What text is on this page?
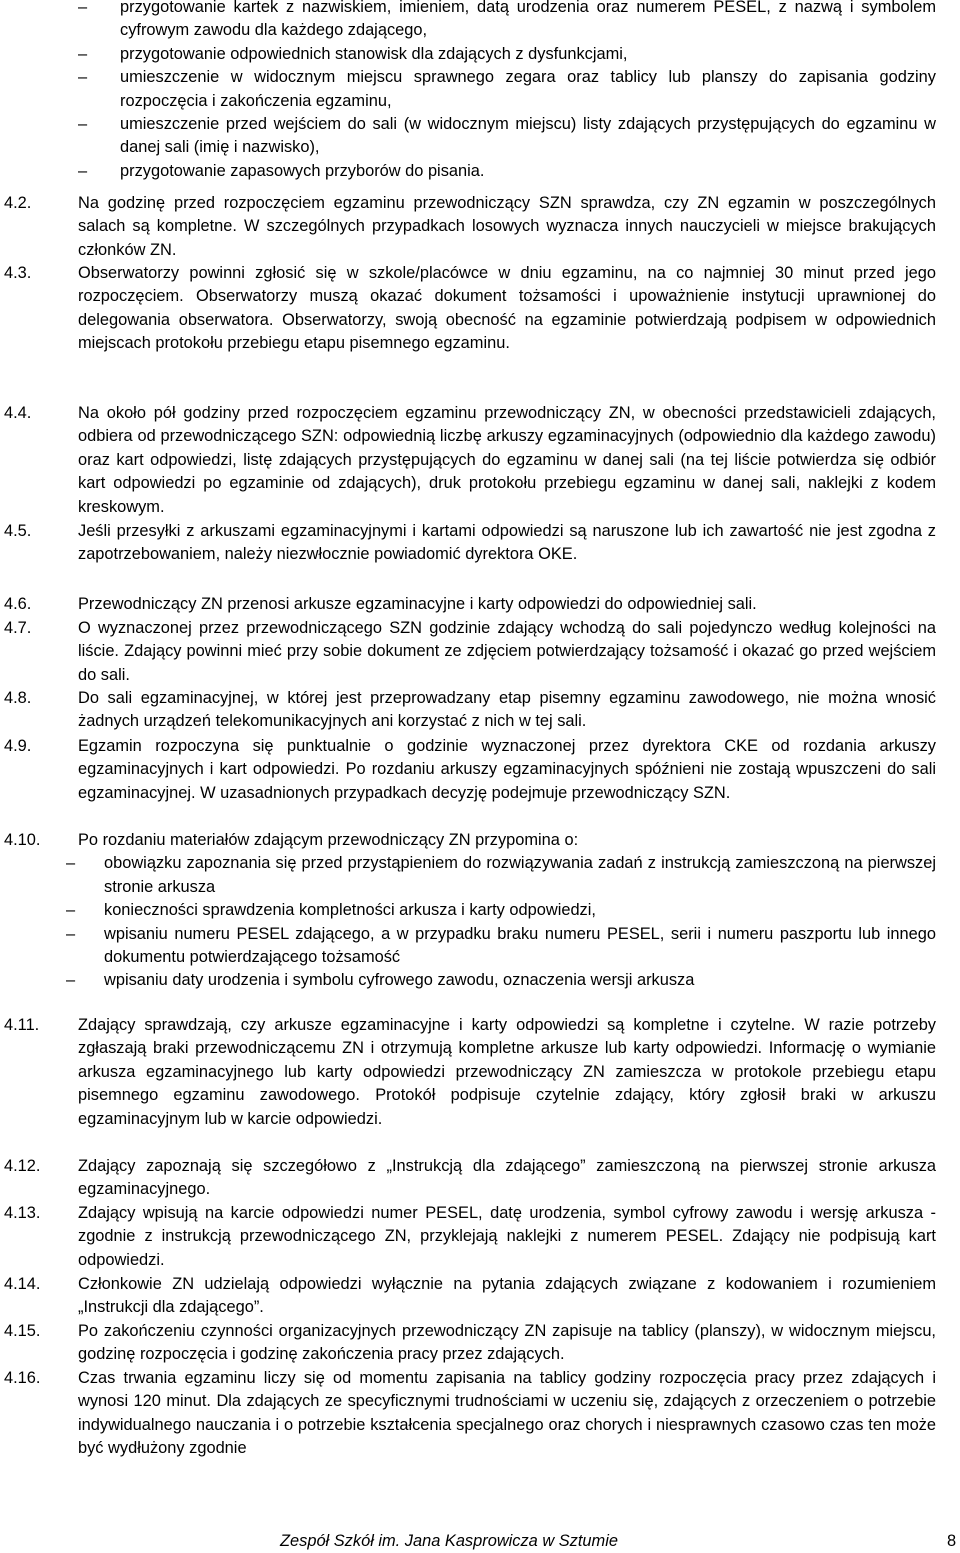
–	przygotowanie kartek z nazwiskiem, imieniem, datą urodzenia oraz numerem PESEL, z nazwą i symbolem cyfrowym zawodu dla każdego zdającego,
–	przygotowanie odpowiednich stanowisk dla zdających z dysfunkcjami,
–	umieszczenie w widocznym miejscu sprawnego zegara oraz tablicy lub planszy do zapisania godziny rozpoczęcia i zakończenia egzaminu,
–	umieszczenie przed wejściem do sali (w widocznym miejscu) listy zdających przystępujących do egzaminu w danej sali (imię i nazwisko),
–	przygotowanie zapasowych przyborów do pisania.
4.2.	Na godzinę przed rozpoczęciem egzaminu przewodniczący SZN sprawdza, czy ZN egzamin w poszczególnych salach są kompletne. W szczególnych przypadkach losowych wyznacza innych nauczycieli w miejsce brakujących członków ZN.
4.3.	Obserwatorzy powinni zgłosić się w szkole/placówce w dniu egzaminu, na co najmniej 30 minut przed jego rozpoczęciem. Obserwatorzy muszą okazać dokument tożsamości i upoważnienie instytucji uprawnionej do delegowania obserwatora. Obserwatorzy, swoją obecność na egzaminie potwierdzają podpisem w odpowiednich miejscach protokołu przebiegu etapu pisemnego egzaminu.
4.4.	Na około pół godziny przed rozpoczęciem egzaminu przewodniczący ZN, w obecności przedstawicieli zdających, odbiera od przewodniczącego SZN: odpowiednią liczbę arkuszy egzaminacyjnych (odpowiednio dla każdego zawodu) oraz kart odpowiedzi, listę zdających przystępujących do egzaminu w danej sali (na tej liście potwierdza się odbiór kart odpowiedzi po egzaminie od zdających), druk protokołu przebiegu egzaminu w danej sali, naklejki z kodem kreskowym.
4.5.	Jeśli przesyłki z arkuszami egzaminacyjnymi i kartami odpowiedzi są naruszone lub ich zawartość nie jest zgodna z zapotrzebowaniem, należy niezwłocznie powiadomić dyrektora OKE.
4.6.	Przewodniczący ZN przenosi arkusze egzaminacyjne i karty odpowiedzi do odpowiedniej sali.
4.7.	O wyznaczonej przez przewodniczącego SZN godzinie zdający wchodzą do sali pojedynczo według kolejności na liście. Zdający powinni mieć przy sobie dokument ze zdjęciem potwierdzający tożsamość i okazać go przed wejściem do sali.
4.8.	Do sali egzaminacyjnej, w której jest przeprowadzany etap pisemny egzaminu zawodowego, nie można wnosić żadnych urządzeń telekomunikacyjnych ani korzystać z nich w tej sali.
4.9.	Egzamin rozpoczyna się punktualnie o godzinie wyznaczonej przez dyrektora CKE od rozdania arkuszy egzaminacyjnych i kart odpowiedzi. Po rozdaniu arkuszy egzaminacyjnych spóźnieni nie zostają wpuszczeni do sali egzaminacyjnej. W uzasadnionych przypadkach decyzję podejmuje przewodniczący SZN.
4.10.	Po rozdaniu materiałów zdającym przewodniczący ZN przypomina o:
–	obowiązku zapoznania się przed przystąpieniem do rozwiązywania zadań z instrukcją zamieszczoną na pierwszej stronie arkusza
–	konieczności sprawdzenia kompletności arkusza i karty odpowiedzi,
–	wpisaniu numeru PESEL zdającego, a w przypadku braku numeru PESEL, serii i numeru paszportu lub innego dokumentu potwierdzającego tożsamość
–	wpisaniu daty urodzenia i symbolu cyfrowego zawodu, oznaczenia wersji arkusza
4.11.	Zdający sprawdzają, czy arkusze egzaminacyjne i karty odpowiedzi są kompletne i czytelne. W razie potrzeby zgłaszają braki przewodniczącemu ZN i otrzymują kompletne arkusze lub karty odpowiedzi. Informację o wymianie arkusza egzaminacyjnego lub karty odpowiedzi przewodniczący ZN zamieszcza w protokole przebiegu etapu pisemnego egzaminu zawodowego. Protokół podpisuje czytelnie zdający, który zgłosił braki w arkuszu egzaminacyjnym lub w karcie odpowiedzi.
4.12.	Zdający zapoznają się szczegółowo z „Instrukcją dla zdającego” zamieszczoną na pierwszej stronie arkusza egzaminacyjnego.
4.13.	Zdający wpisują na karcie odpowiedzi numer PESEL, datę urodzenia, symbol cyfrowy zawodu i wersję arkusza - zgodnie z instrukcją przewodniczącego ZN, przyklejają naklejki z numerem PESEL. Zdający nie podpisują kart odpowiedzi.
4.14.	Członkowie ZN udzielają odpowiedzi wyłącznie na pytania zdających związane z kodowaniem i rozumieniem „Instrukcji dla zdającego”.
4.15.	Po zakończeniu czynności organizacyjnych przewodniczący ZN zapisuje na tablicy (planszy), w widocznym miejscu, godzinę rozpoczęcia i godzinę zakończenia pracy przez zdających.
4.16.	Czas trwania egzaminu liczy się od momentu zapisania na tablicy godziny rozpoczęcia pracy przez zdających i wynosi 120 minut. Dla zdających ze specyficznymi trudnościami w uczeniu się, zdających z orzeczeniem o potrzebie indywidualnego nauczania i o potrzebie kształcenia specjalnego oraz chorych i niesprawnych czasowo czas ten może być wydłużony zgodnie
Zespół Szkół im. Jana Kasprowicza w Sztumie	8
